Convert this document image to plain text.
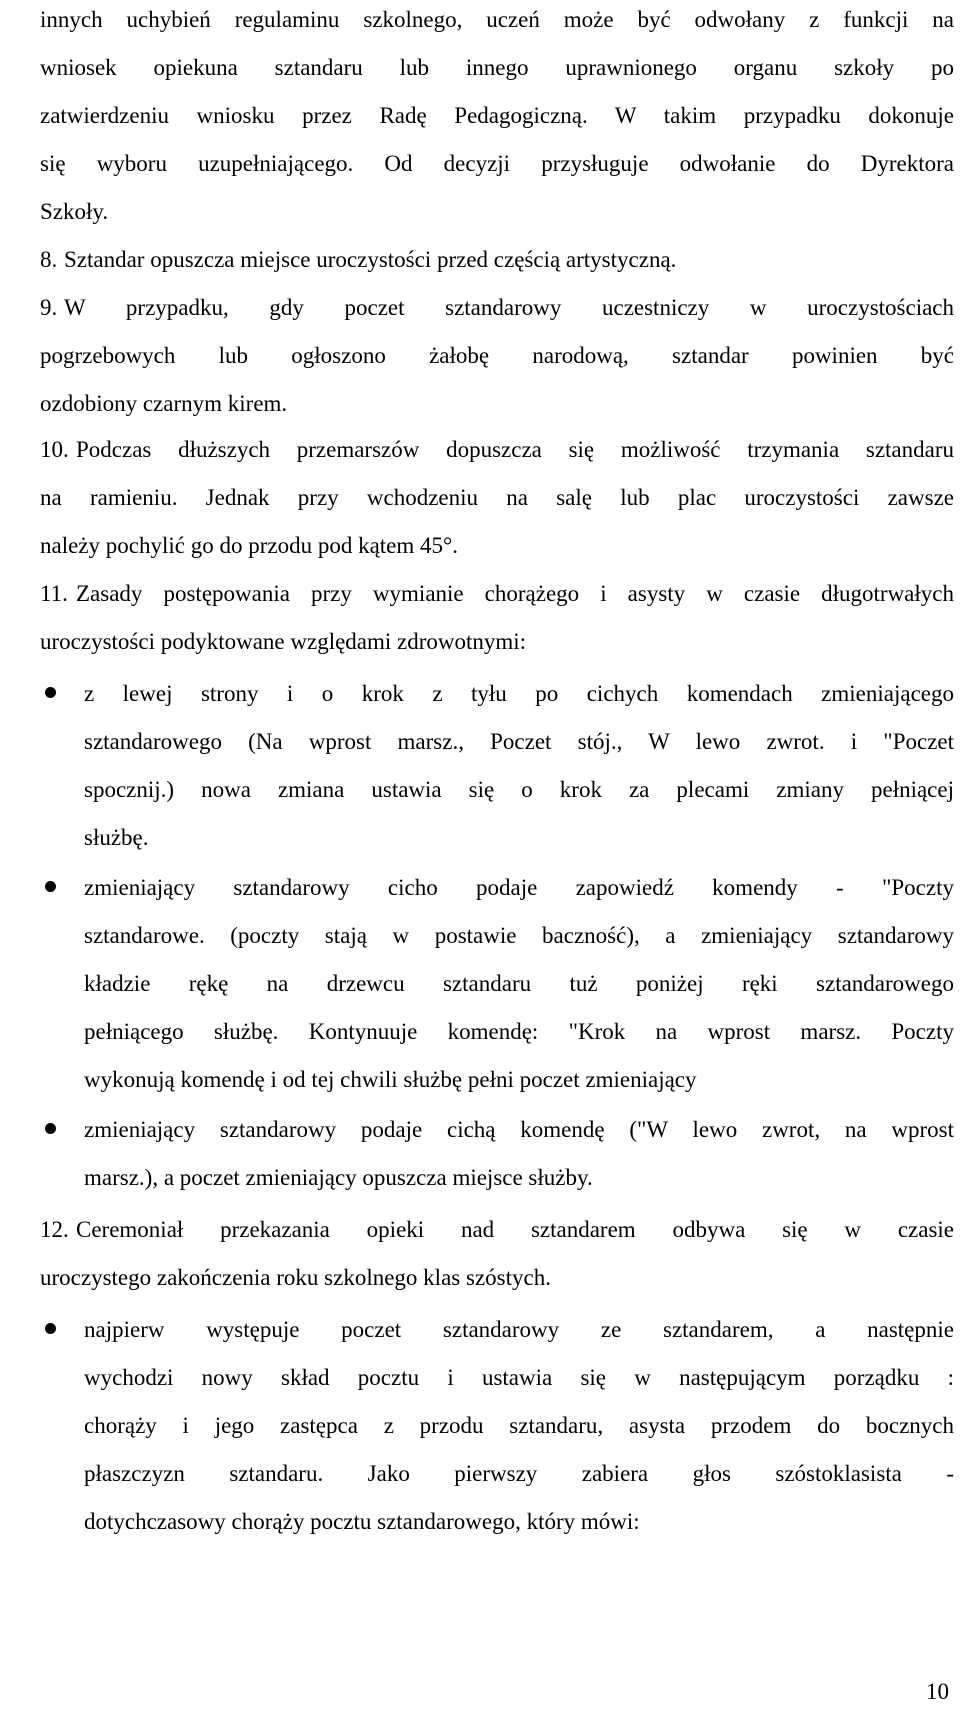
innych uchybień regulaminu szkolnego, uczeń może być odwołany z funkcji na
wniosek opiekuna sztandaru lub innego uprawnionego organu szkoły po
zatwierdzeniu wniosku przez Radę Pedagogiczną. W takim przypadku dokonuje
się wyboru uzupełniającego. Od decyzji przysługuje odwołanie do Dyrektora
Szkoły.
8. Sztandar opuszcza miejsce uroczystości przed częścią artystyczną.
9. W przypadku, gdy poczet sztandarowy uczestniczy w uroczystościach
pogrzebowych lub ogłoszono żałobę narodową, sztandar powinien być
ozdobiony czarnym kirem.
10. Podczas dłuższych przemarszów dopuszcza się możliwość trzymania sztandaru
na ramieniu. Jednak przy wchodzeniu na salę lub plac uroczystości zawsze
należy pochylić go do przodu pod kątem 45°.
11. Zasady postępowania przy wymianie chorążego i asysty w czasie długotrwałych
uroczystości podyktowane względami zdrowotnymi:
z lewej strony i o krok z tyłu po cichych komendach zmieniającego
sztandarowego (Na wprost marsz., Poczet stój., W lewo zwrot. i "Poczet
spocznij.) nowa zmiana ustawia się o krok za plecami zmiany pełniącej
służbę.
zmieniający sztandarowy cicho podaje zapowiedź komendy - "Poczty
sztandarowe. (poczty stają w postawie baczność), a zmieniający sztandarowy
kładzie rękę na drzewcu sztandaru tuż poniżej ręki sztandarowego
pełniącego służbę. Kontynuuje komendę: "Krok na wprost marsz. Poczty
wykonują komendę i od tej chwili służbę pełni poczet zmieniający
zmieniający sztandarowy podaje cichą komendę ("W lewo zwrot, na wprost
marsz.), a poczet zmieniający opuszcza miejsce służby.
12. Ceremoniał przekazania opieki nad sztandarem odbywa się w czasie
uroczystego zakończenia roku szkolnego klas szóstych.
najpierw występuje poczet sztandarowy ze sztandarem, a następnie
wychodzi nowy skład pocztu i ustawia się w następującym porządku :
chorąży i jego zastępca z przodu sztandaru, asysta przodem do bocznych
płaszczyzn sztandaru. Jako pierwszy zabiera głos szóstoklasista -
dotychczasowy chorąży pocztu sztandarowego, który mówi:
10
